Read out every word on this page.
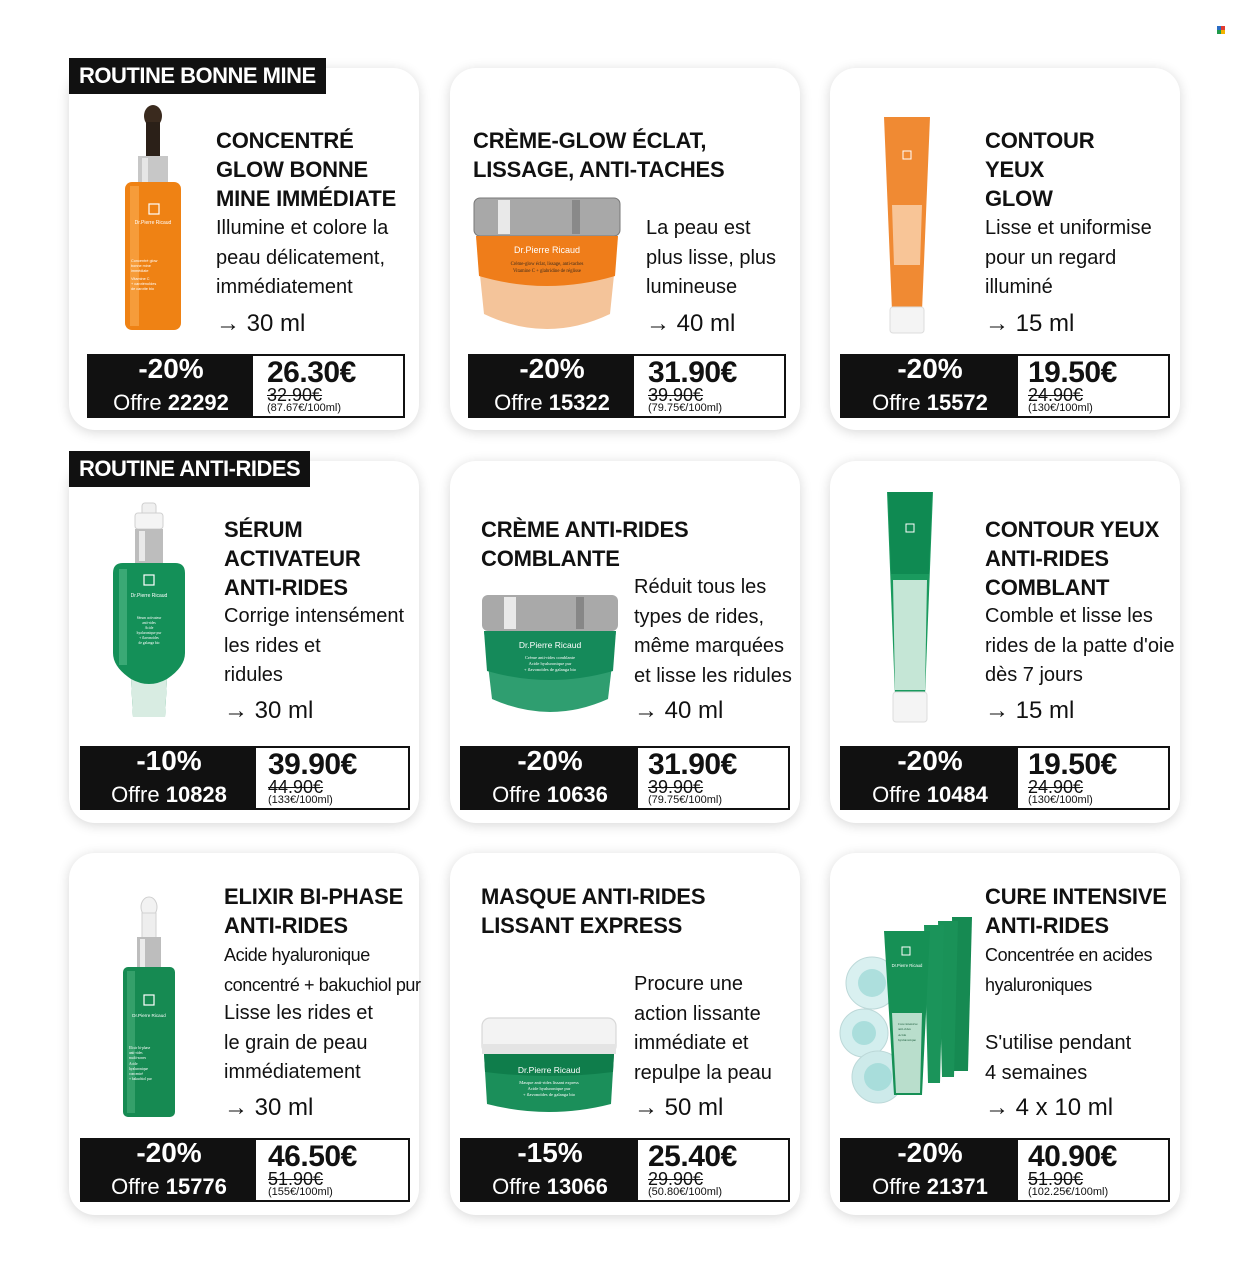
ROUTINE BONNE MINE
ROUTINE ANTI-RIDES
Dr.Pierre Ricaud
Concentré glow
bonne mine
immédiate
Vitamine C
+ caroténoïdes
de carotte bio
CONCENTRÉ
GLOW BONNE
MINE IMMÉDIATE
Illumine et colore la
peau délicatement,
immédiatement
→ 30 ml
-20%
Offre 22292
26.30€
32.90€
(87.67€/100ml)
CRÈME-GLOW ÉCLAT,
LISSAGE, ANTI-TACHES
Dr.Pierre Ricaud
Crème-glow éclat, lissage, anti-taches
Vitamine C + glabridine de réglisse
La peau est
plus lisse, plus
lumineuse
→ 40 ml
-20%
Offre 15322
31.90€
39.90€
(79.75€/100ml)
CONTOUR
YEUX
GLOW
Lisse et uniformise
pour un regard
illuminé
→ 15 ml
-20%
Offre 15572
19.50€
24.90€
(130€/100ml)
Dr.Pierre Ricaud
Sérum activateur
anti-rides
Acide
hyaluronique pur
+ flavonoïdes
de galanga bio
SÉRUM
ACTIVATEUR
ANTI-RIDES
Corrige intensément
les rides et
ridules
→ 30 ml
-10%
Offre 10828
39.90€
44.90€
(133€/100ml)
CRÈME ANTI-RIDES
COMBLANTE
Dr.Pierre Ricaud
Crème anti-rides comblante
Acide hyaluronique pur
+ flavonoïdes de galanga bio
Réduit tous les
types de rides,
même marquées
et lisse les ridules
→ 40 ml
-20%
Offre 10636
31.90€
39.90€
(79.75€/100ml)
CONTOUR YEUX
ANTI-RIDES
COMBLANT
Comble et lisse les
rides de la patte d'oie
dès 7 jours
→ 15 ml
-20%
Offre 10484
19.50€
24.90€
(130€/100ml)
Dr.Pierre Ricaud
Elixir bi-phase
anti-rides
multi-zones
Acide
hyaluronique
concentré
+ bakuchiol pur
ELIXIR BI-PHASE
ANTI-RIDES
Acide hyaluronique
concentré + bakuchiol pur
Lisse les rides et
le grain de peau
immédiatement
→ 30 ml
-20%
Offre 15776
46.50€
51.90€
(155€/100ml)
MASQUE ANTI-RIDES
LISSANT EXPRESS
Dr.Pierre Ricaud
Masque anti-rides lissant express
Acide hyaluronique pur
+ flavonoïdes de galanga bio
Procure une
action lissante
immédiate et
repulpe la peau
→ 50 ml
-15%
Offre 13066
25.40€
29.90€
(50.80€/100ml)
Dr.Pierre Ricaud
Cure intensive
anti-rides
Acide
hyaluronique
CURE INTENSIVE
ANTI-RIDES
Concentrée en acides
hyaluroniques

S'utilise pendant
4 semaines
→ 4 x 10 ml
-20%
Offre 21371
40.90€
51.90€
(102.25€/100ml)
